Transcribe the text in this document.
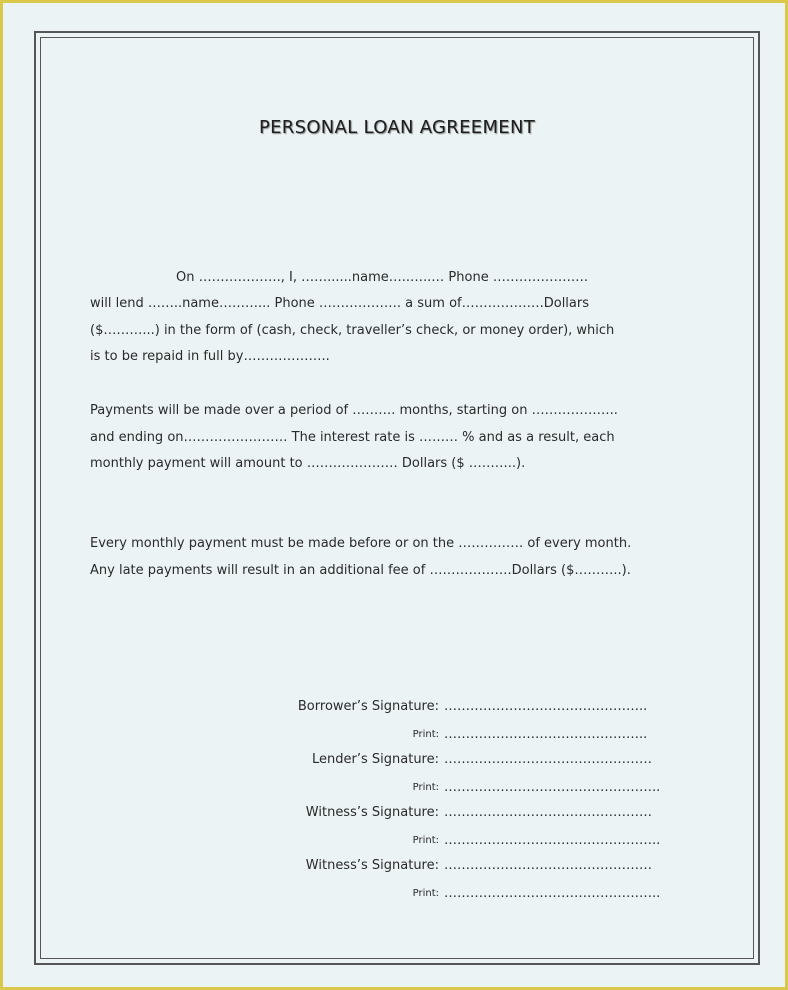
PERSONAL LOAN AGREEMENT
On ………………., I, ……......name…..…..… Phone ………………….
will lend ……..name………... Phone ………………. a sum of……………….Dollars
($………...) in the form of (cash, check, traveller’s check, or money order), which
is to be repaid in full by………………..
Payments will be made over a period of ………. months, starting on ………………..
and ending on…………………… The interest rate is ……… % and as a result, each
monthly payment will amount to ………………… Dollars ($ ………..).
Every monthly payment must be made before or on the …………… of every month.
Any late payments will result in an additional fee of ……………….Dollars ($………..).
Borrower’s Signature: ………………………………………..
Print: ………………………………………..
Lender’s Signature: …………………………………………
Print: …………………………………………..
Witness’s Signature: …………………………………………
Print: …………………………………………..
Witness’s Signature: …………………………………………
Print: …………………………………………..
